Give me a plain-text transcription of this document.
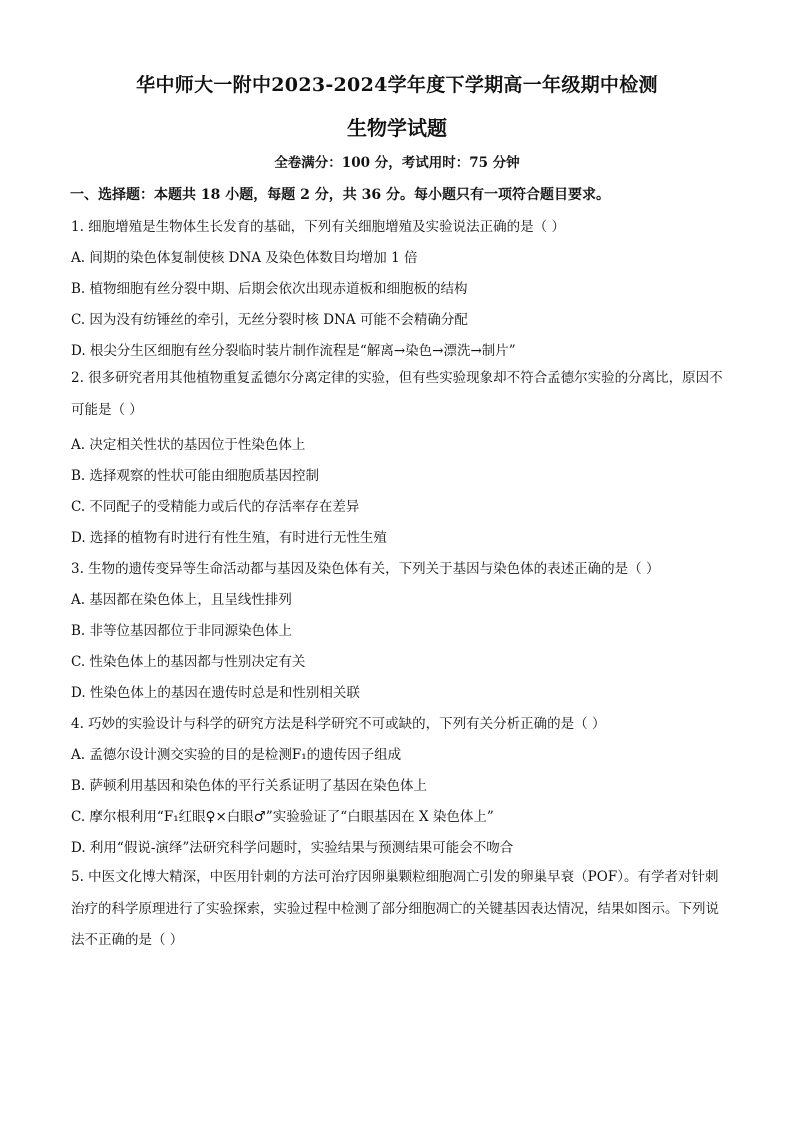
华中师大一附中2023-2024学年度下学期高一年级期中检测
生物学试题
全卷满分：100 分，考试用时：75 分钟
一、选择题：本题共 18 小题，每题 2 分，共 36 分。每小题只有一项符合题目要求。
1. 细胞增殖是生物体生长发育的基础，下列有关细胞增殖及实验说法正确的是（ ）
A. 间期的染色体复制使核 DNA 及染色体数目均增加 1 倍
B. 植物细胞有丝分裂中期、后期会依次出现赤道板和细胞板的结构
C. 因为没有纺锤丝的牵引，无丝分裂时核 DNA 可能不会精确分配
D. 根尖分生区细胞有丝分裂临时装片制作流程是“解离→染色→漂洗→制片”
2. 很多研究者用其他植物重复孟德尔分离定律的实验，但有些实验现象却不符合孟德尔实验的分离比，原因不可能是（ ）
A. 决定相关性状的基因位于性染色体上
B. 选择观察的性状可能由细胞质基因控制
C. 不同配子的受精能力或后代的存活率存在差异
D. 选择的植物有时进行有性生殖，有时进行无性生殖
3. 生物的遗传变异等生命活动都与基因及染色体有关，下列关于基因与染色体的表述正确的是（ ）
A. 基因都在染色体上，且呈线性排列
B. 非等位基因都位于非同源染色体上
C. 性染色体上的基因都与性别决定有关
D. 性染色体上的基因在遗传时总是和性别相关联
4. 巧妙的实验设计与科学的研究方法是科学研究不可或缺的，下列有关分析正确的是（ ）
A. 孟德尔设计测交实验的目的是检测F₁的遗传因子组成
B. 萨顿利用基因和染色体的平行关系证明了基因在染色体上
C. 摩尔根利用“F₁红眼♀×白眼♂”实验验证了“白眼基因在 X 染色体上”
D. 利用“假说-演绎”法研究科学问题时，实验结果与预测结果可能会不吻合
5. 中医文化博大精深，中医用针刺的方法可治疗因卵巢颗粒细胞凋亡引发的卵巢早衰（POF）。有学者对针刺治疗的科学原理进行了实验探索，实验过程中检测了部分细胞凋亡的关键基因表达情况，结果如图示。下列说法不正确的是（ ）
